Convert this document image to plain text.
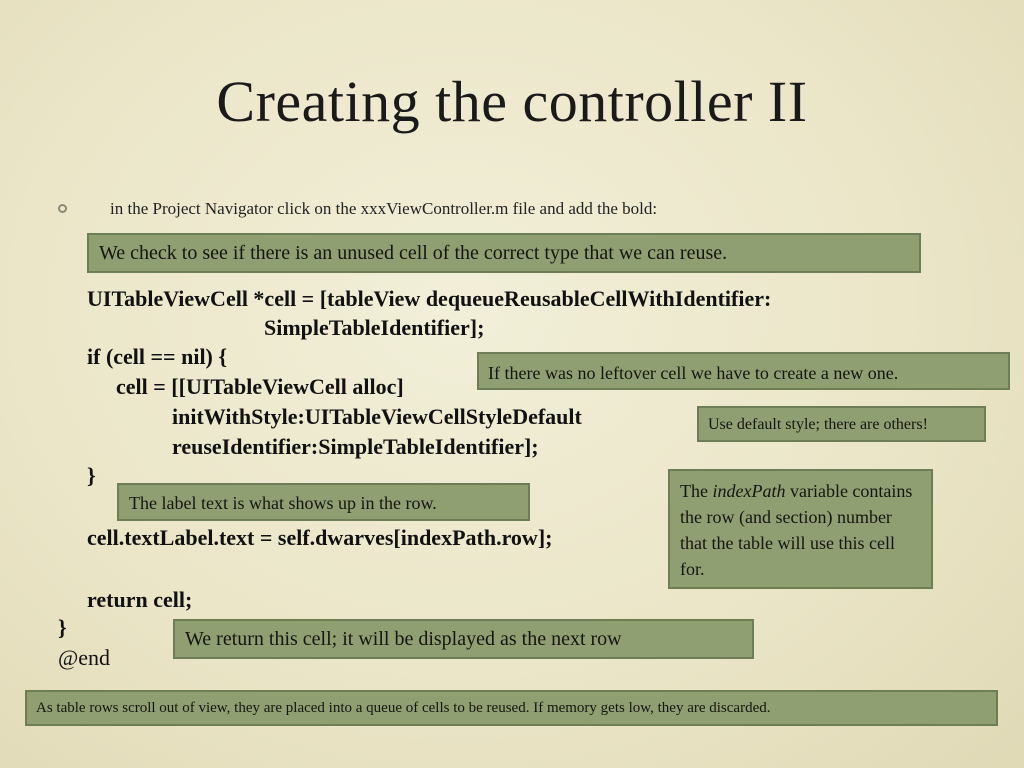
Creating the controller II
in the Project Navigator click on the xxxViewController.m file and add the bold:
We check to see if there is an unused cell of the correct type that we can reuse.
UITableViewCell *cell = [tableView dequeueReusableCellWithIdentifier:
SimpleTableIdentifier];
if (cell == nil) {
cell = [[UITableViewCell alloc]
initWithStyle:UITableViewCellStyleDefault
reuseIdentifier:SimpleTableIdentifier];
}
cell.textLabel.text = self.dwarves[indexPath.row];
return cell;
}
@end
If there was no leftover cell we have to create a new one.
Use default style; there are others!
The label text is what shows up in the row.
The indexPath variable contains the row (and section) number that the table will use this cell for.
We return this cell; it will be displayed as the next row
As table rows scroll out of view, they are placed into a queue of cells to be reused. If memory gets low, they are discarded.
